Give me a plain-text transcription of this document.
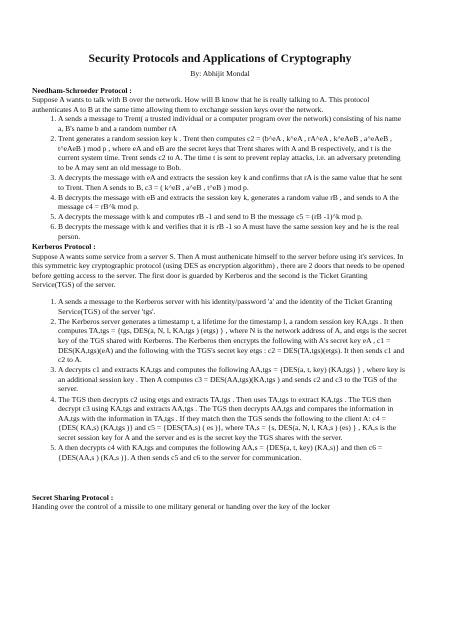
Security Protocols and Applications of Cryptography
By: Abhijit Mondal
Needham-Schroeder Protocol :

Suppose A wants to talk with B over the network. How will B know that he is really talking to A. This protocol authenticates A to B at the same time allowing them to exchange session keys over the network.

1. A sends a message to Trent( a trusted individual or a computer program over the network) consisting of his name a, B's name b and a random number rA
2. Trent generates a random session key k . Trent then computes c2 = (b^eA , k^eA , rA^eA , k^eAeB , a^eAeB , t^eAeB ) mod p , where eA and eB are the secret keys that Trent shares with A and B respectively, and t is the current system time. Trent sends c2 to A. The time t is sent to prevent replay attacks, i.e. an adversary pretending to be A may sent an old message to Bob.
3. A decrypts the message with eA and extracts the session key k and confirms that rA is the same value that he sent to Trent. Then A sends to B, c3 = ( k^eB , a^eB , t^eB ) mod p.
4. B decrypts the message with eB and extracts the session key k, generates a random value rB , and sends to A the message c4 = rB^k mod p.
5. A decrypts the message with k and computes rB -1 and send to B the message c5 = (rB -1)^k mod p.
6. B decrypts the message with k and verifies that it is rB -1 so A must have the same session key and he is the real person.
Kerberos Protocol :

Suppose A wants some service from a server S. Then A must authenicate himself to the server before using it's services. In this symmetric key cryptographic protocol (using DES as encryption algorithm) , there are 2 doors that needs to be opened before getting access to the server. The first door is guarded by Kerberos and the second is the Ticket Granting Service(TGS) of the server.

1. A sends a message to the Kerberos server with his identity/password 'a' and the identity of the Ticket Granting Service(TGS) of the server 'tgs'.
2. The Kerberos server generates a timestamp t, a lifetime for the timestamp l, a random session key KA,tgs . It then computes TA,tgs = {tgs, DES(a, N, l, KA,tgs ) (etgs) } , where N is the network address of A, and etgs is the secret key of the TGS shared with Kerberos. The Kerberos then encrypts the following with A's secret key eA , c1 = DES(KA,tgs)(eA) and the following with the TGS's secret key etgs : c2 = DES(TA,tgs)(etgs). It then sends c1 and c2 to A.
3. A decrypts c1 and extracts KA,tgs and computes the following AA,tgs = {DES(a, t, key) (KA,tgs) } , where key is an additional session key . Then A computes c3 = DES(AA,tgs)(KA,tgs ) and sends c2 and c3 to the TGS of the server.
4. The TGS then decrypts c2 using etgs and extracts TA,tgs . Then uses TA,tgs to extract KA,tgs . The TGS then decrypt c3 using KA,tgs and extracts AA,tgs . The TGS then decrypts AA,tgs and compares the information in AA,tgs with the information in TA,tgs . If they match then the TGS sends the following to the client A: c4 = {DES( KA,s) (KA,tgs )} and c5 = {DES(TA,s) ( es )}, where TA,s = {s, DES(a, N, l, KA,s ) (es) } , KA,s is the secret session key for A and the server and es is the secret key the TGS shares with the server.
5. A then decrypts c4 with KA,tgs and computes the following AA,s = {DES(a, t, key) (KA,s)} and then c6 = {DES(AA,s ) (KA,s )}. A then sends c5 and c6 to the server for communication.
Secret Sharing Protocol :

Handing over the control of a missile to one military general or handing over the key of the locker
